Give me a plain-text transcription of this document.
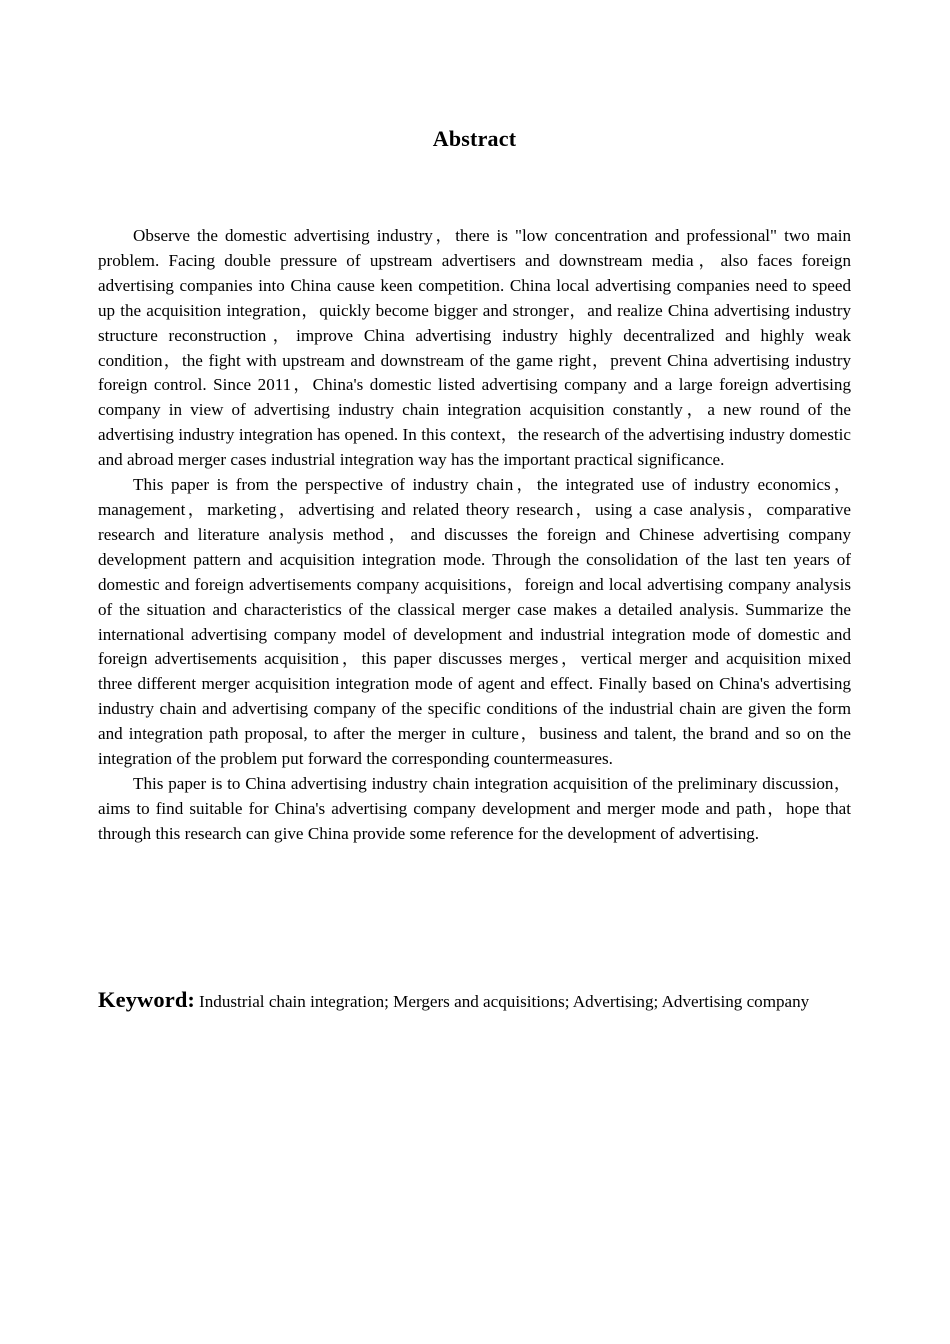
Abstract

Observe the domestic advertising industry，there is "low concentration and professional" two main problem. Facing double pressure of upstream advertisers and downstream media，also faces foreign advertising companies into China cause keen competition. China local advertising companies need to speed up the acquisition integration，quickly become bigger and stronger，and realize China advertising industry structure reconstruction，improve China advertising industry highly decentralized and highly weak condition，the fight with upstream and downstream of the game right，prevent China advertising industry foreign control. Since 2011，China's domestic listed advertising company and a large foreign advertising company in view of advertising industry chain integration acquisition constantly，a new round of the advertising industry integration has opened. In this context，the research of the advertising industry domestic and abroad merger cases industrial integration way has the important practical significance.

This paper is from the perspective of industry chain，the integrated use of industry economics，management，marketing，advertising and related theory research，using a case analysis，comparative research and literature analysis method，and discusses the foreign and Chinese advertising company development pattern and acquisition integration mode. Through the consolidation of the last ten years of domestic and foreign advertisements company acquisitions，foreign and local advertising company analysis of the situation and characteristics of the classical merger case makes a detailed analysis. Summarize the international advertising company model of development and industrial integration mode of domestic and foreign advertisements acquisition，this paper discusses merges，vertical merger and acquisition mixed three different merger acquisition integration mode of agent and effect. Finally based on China's advertising industry chain and advertising company of the specific conditions of the industrial chain are given the form and integration path proposal, to after the merger in culture，business and talent, the brand and so on the integration of the problem put forward the corresponding countermeasures.

This paper is to China advertising industry chain integration acquisition of the preliminary discussion，aims to find suitable for China's advertising company development and merger mode and path，hope that through this research can give China provide some reference for the development of advertising.

Keyword: Industrial chain integration; Mergers and acquisitions; Advertising; Advertising company
